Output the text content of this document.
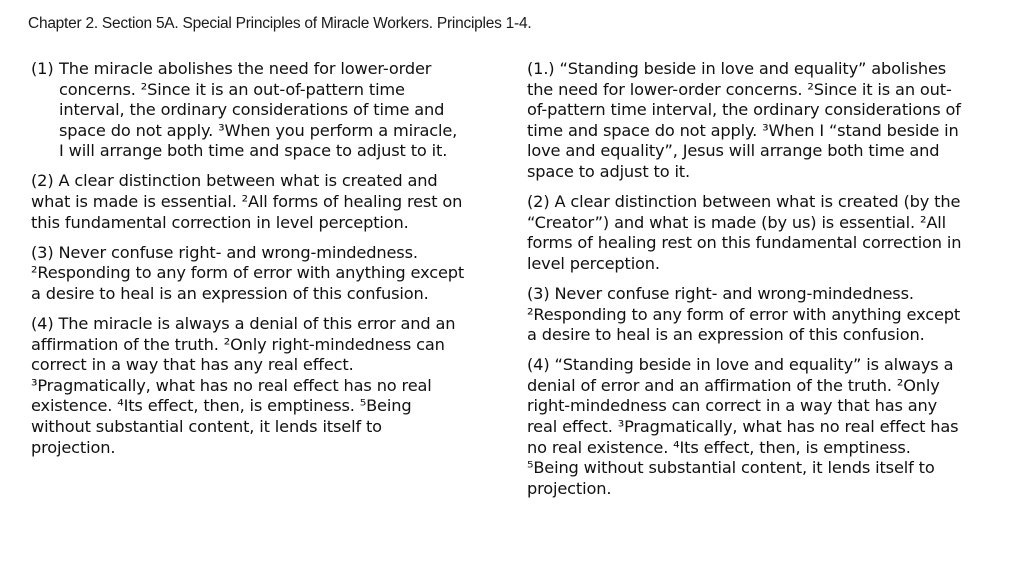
Chapter 2. Section 5A. Special Principles of Miracle Workers. Principles 1-4.
(1) The miracle abolishes the need for lower-order
concerns. ²Since it is an out-of-pattern time
interval, the ordinary considerations of time and
space do not apply. ³When you perform a miracle,
I will arrange both time and space to adjust to it.
(2) A clear distinction between what is created and
what is made is essential. ²All forms of healing rest on
this fundamental correction in level perception.
(3) Never confuse right- and wrong-mindedness.
²Responding to any form of error with anything except
a desire to heal is an expression of this confusion.
(4) The miracle is always a denial of this error and an
affirmation of the truth. ²Only right-mindedness can
correct in a way that has any real effect.
³Pragmatically, what has no real effect has no real
existence. ⁴Its effect, then, is emptiness. ⁵Being
without substantial content, it lends itself to
projection.
(1.) “Standing beside in love and equality” abolishes
the need for lower-order concerns. ²Since it is an out-
of-pattern time interval, the ordinary considerations of
time and space do not apply. ³When I “stand beside in
love and equality”, Jesus will arrange both time and
space to adjust to it.
(2) A clear distinction between what is created (by the
“Creator”) and what is made (by us) is essential. ²All
forms of healing rest on this fundamental correction in
level perception.
(3) Never confuse right- and wrong-mindedness.
²Responding to any form of error with anything except
a desire to heal is an expression of this confusion.
(4) “Standing beside in love and equality” is always a
denial of error and an affirmation of the truth. ²Only
right-mindedness can correct in a way that has any
real effect. ³Pragmatically, what has no real effect has
no real existence. ⁴Its effect, then, is emptiness.
⁵Being without substantial content, it lends itself to
projection.
